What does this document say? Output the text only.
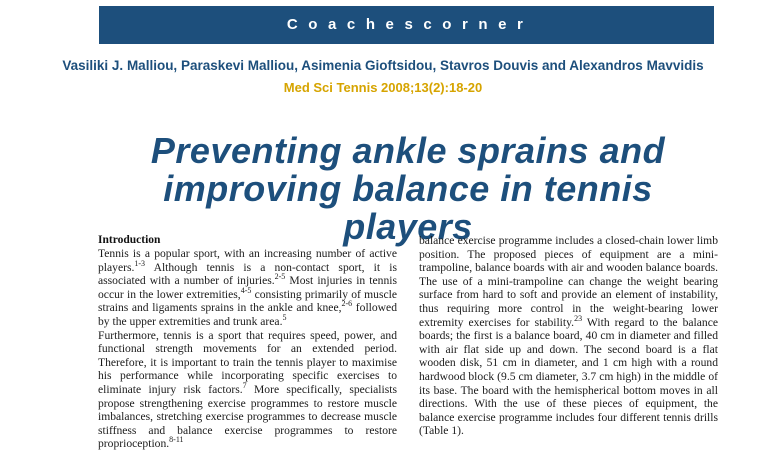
C o a c h e s c o r n e r
Vasiliki J. Malliou, Paraskevi Malliou, Asimenia Gioftsidou, Stavros Douvis and Alexandros Mavvidis
Med Sci Tennis 2008;13(2):18-20
Preventing ankle sprains and improving balance in tennis players
Introduction

Tennis is a popular sport, with an increasing number of active players.$^{1-3}$ Although tennis is a non-contact sport, it is associated with a number of injuries.$^{2-5}$ Most injuries in tennis occur in the lower extremities,$^{4-5}$ consisting primarily of muscle strains and ligaments sprains in the ankle and knee,$^{2-6}$ followed by the upper extremities and trunk area.$^5$

Furthermore, tennis is a sport that requires speed, power, and functional strength movements for an extended period. Therefore, it is important to train the tennis player to maximise his performance while incorporating specific exercises to eliminate injury risk factors.$^7$ More specifically, specialists propose strengthening exercise programmes to restore muscle imbalances, stretching exercise programmes to decrease muscle stiffness and balance exercise programmes to restore proprioception.$^{8-11}$

balance exercise programme includes a closed-chain lower limb position. The proposed pieces of equipment are a mini-trampoline, balance boards with air and wooden balance boards. The use of a mini-trampoline can change the weight bearing surface from hard to soft and provide an element of instability, thus requiring more control in the weight-bearing lower extremity exercises for stability.$^{23}$ With regard to the balance boards; the first is a balance board, 40 cm in diameter and filled with air flat side up and down. The second board is a flat wooden disk, 51 cm in diameter, and 1 cm high with a round hardwood block (9.5 cm diameter, 3.7 cm high) in the middle of its base. The board with the hemispherical bottom moves in all directions. With the use of these pieces of equipment, the balance exercise programme includes four different tennis drills (Table 1).
